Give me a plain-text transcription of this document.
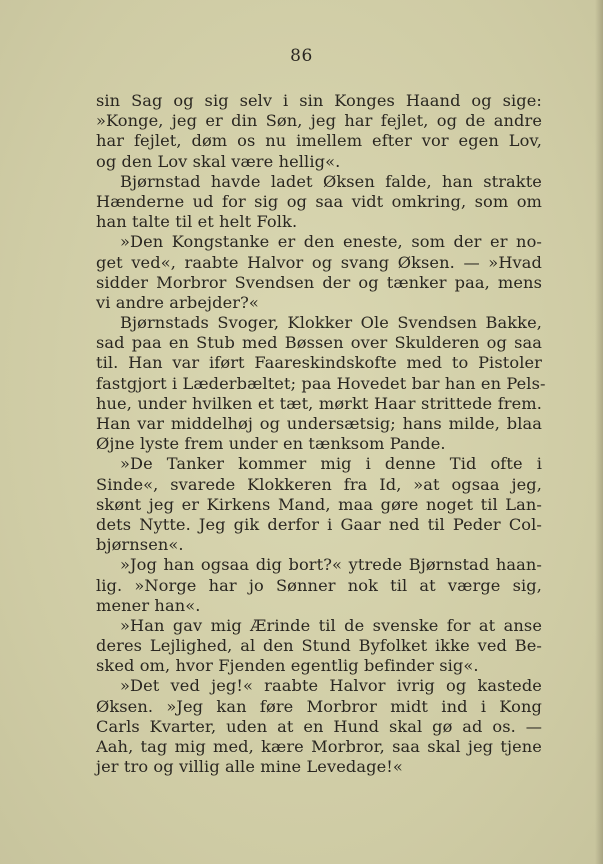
86
sin Sag og sig selv i sin Konges Haand og sige:
»Konge, jeg er din Søn, jeg har fejlet, og de andre
har fejlet, døm os nu imellem efter vor egen Lov,
og den Lov skal være hellig«.
Bjørnstad havde ladet Øksen falde, han strakte
Hænderne ud for sig og saa vidt omkring, som om
han talte til et helt Folk.
»Den Kongstanke er den eneste, som der er no-
get ved«, raabte Halvor og svang Øksen. — »Hvad
sidder Morbror Svendsen der og tænker paa, mens
vi andre arbejder?«
Bjørnstads Svoger, Klokker Ole Svendsen Bakke,
sad paa en Stub med Bøssen over Skulderen og saa
til. Han var iført Faareskindskofte med to Pistoler
fastgjort i Læderbæltet; paa Hovedet bar han en Pels-
hue, under hvilken et tæt, mørkt Haar strittede frem.
Han var middelhøj og undersætsig; hans milde, blaa
Øjne lyste frem under en tænksom Pande.
»De Tanker kommer mig i denne Tid ofte i
Sinde«, svarede Klokkeren fra Id, »at ogsaa jeg,
skønt jeg er Kirkens Mand, maa gøre noget til Lan-
dets Nytte. Jeg gik derfor i Gaar ned til Peder Col-
bjørnsen«.
»Jog han ogsaa dig bort?« ytrede Bjørnstad haan-
lig. »Norge har jo Sønner nok til at værge sig,
mener han«.
»Han gav mig Ærinde til de svenske for at anse
deres Lejlighed, al den Stund Byfolket ikke ved Be-
sked om, hvor Fjenden egentlig befinder sig«.
»Det ved jeg!« raabte Halvor ivrig og kastede
Øksen. »Jeg kan føre Morbror midt ind i Kong
Carls Kvarter, uden at en Hund skal gø ad os. —
Aah, tag mig med, kære Morbror, saa skal jeg tjene
jer tro og villig alle mine Levedage!«
